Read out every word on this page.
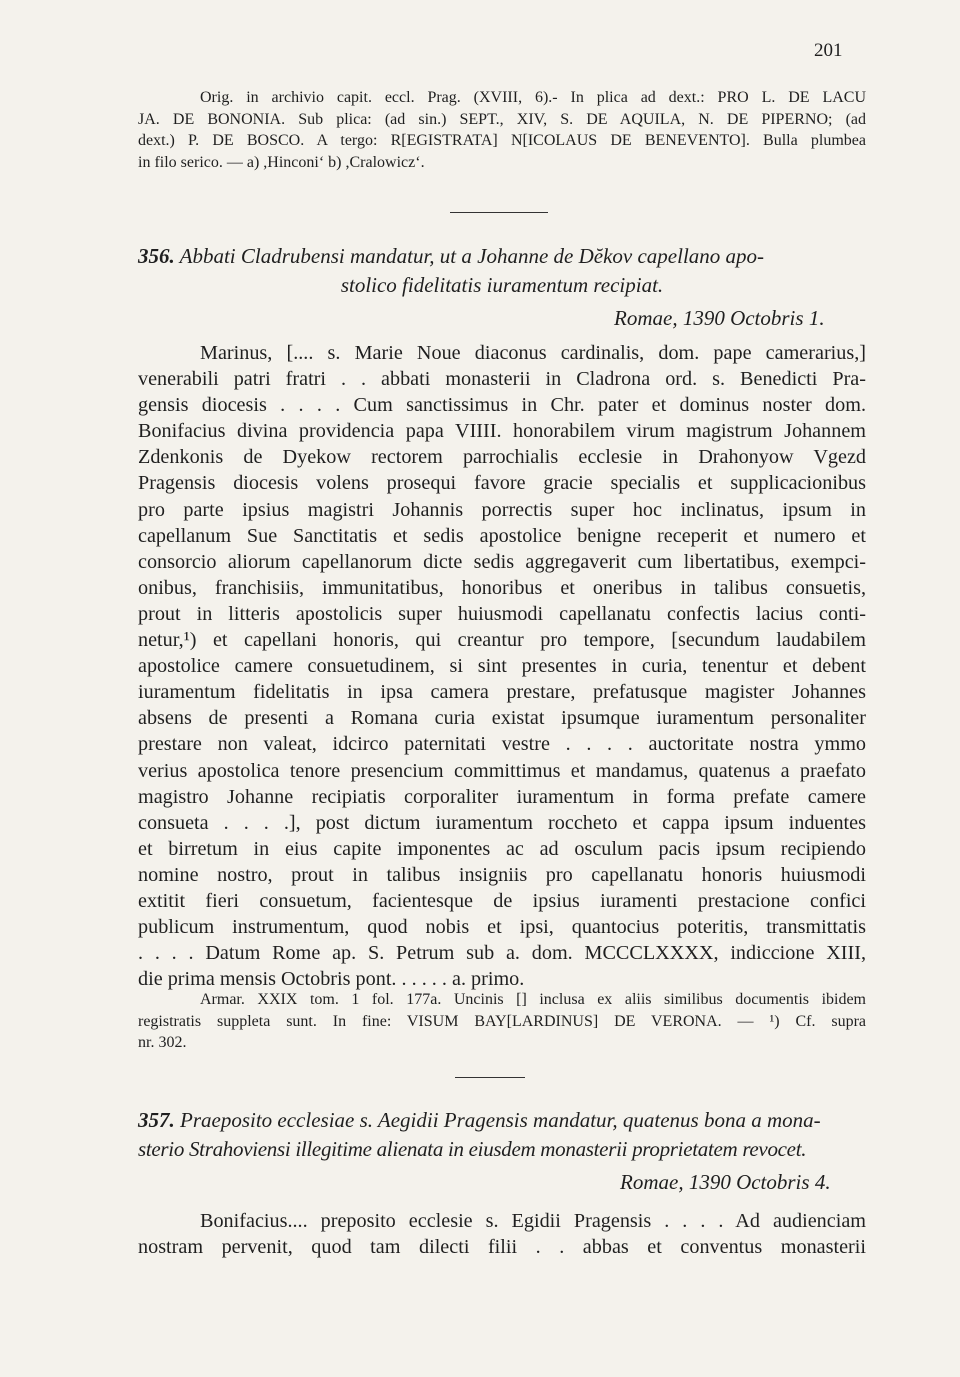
201
Orig. in archivio capit. eccl. Prag. (XVIII, 6).- In plica ad dext.: PRO L. DE LACU
JA. DE BONONIA. Sub plica: (ad sin.) SEPT., XIV, S. DE AQUILA, N. DE PIPERNO; (ad
dext.) P. DE BOSCO. A tergo: R[EGISTRATA] N[ICOLAUS DE BENEVENTO]. Bulla plumbea
in filo serico. — a) ,Hinconi‘ b) ,Cralowicz‘.
356. Abbati Cladrubensi mandatur, ut a Johanne de Dĕkov capellano apo-
stolico fidelitatis iuramentum recipiat.
Romae, 1390 Octobris 1.
Marinus, [.... s. Marie Noue diaconus cardinalis, dom. pape camerarius,]
venerabili patri fratri . . abbati monasterii in Cladrona ord. s. Benedicti Pra-
gensis diocesis . . . . Cum sanctissimus in Chr. pater et dominus noster dom.
Bonifacius divina providencia papa VIIII. honorabilem virum magistrum Johannem
Zdenkonis de Dyekow rectorem parrochialis ecclesie in Drahonyow Vgezd
Pragensis diocesis volens prosequi favore gracie specialis et supplicacionibus
pro parte ipsius magistri Johannis porrectis super hoc inclinatus, ipsum in
capellanum Sue Sanctitatis et sedis apostolice benigne receperit et numero et
consorcio aliorum capellanorum dicte sedis aggregaverit cum libertatibus, exempci-
onibus, franchisiis, immunitatibus, honoribus et oneribus in talibus consuetis,
prout in litteris apostolicis super huiusmodi capellanatu confectis lacius conti-
netur,¹) et capellani honoris, qui creantur pro tempore, [secundum laudabilem
apostolice camere consuetudinem, si sint presentes in curia, tenentur et debent
iuramentum fidelitatis in ipsa camera prestare, prefatusque magister Johannes
absens de presenti a Romana curia existat ipsumque iuramentum personaliter
prestare non valeat, idcirco paternitati vestre . . . . auctoritate nostra ymmo
verius apostolica tenore presencium committimus et mandamus, quatenus a praefato
magistro Johanne recipiatis corporaliter iuramentum in forma prefate camere
consueta . . . .], post dictum iuramentum roccheto et cappa ipsum induentes
et birretum in eius capite imponentes ac ad osculum pacis ipsum recipiendo
nomine nostro, prout in talibus insigniis pro capellanatu honoris huiusmodi
extitit fieri consuetum, facientesque de ipsius iuramenti prestacione confici
publicum instrumentum, quod nobis et ipsi, quantocius poteritis, transmittatis
. . . . Datum Rome ap. S. Petrum sub a. dom. MCCCLXXXX, indiccione XIII,
die prima mensis Octobris pont. . . . . . a. primo.
Armar. XXIX tom. 1 fol. 177a. Uncinis [] inclusa ex aliis similibus documentis ibidem
registratis suppleta sunt. In fine: VISUM BAY[LARDINUS] DE VERONA. — ¹) Cf. supra
nr. 302.
357. Praeposito ecclesiae s. Aegidii Pragensis mandatur, quatenus bona a mona-
sterio Strahoviensi illegitime alienata in eiusdem monasterii proprietatem revocet.
Romae, 1390 Octobris 4.
Bonifacius.... preposito ecclesie s. Egidii Pragensis . . . . Ad audienciam
nostram pervenit, quod tam dilecti filii . . abbas et conventus monasterii
